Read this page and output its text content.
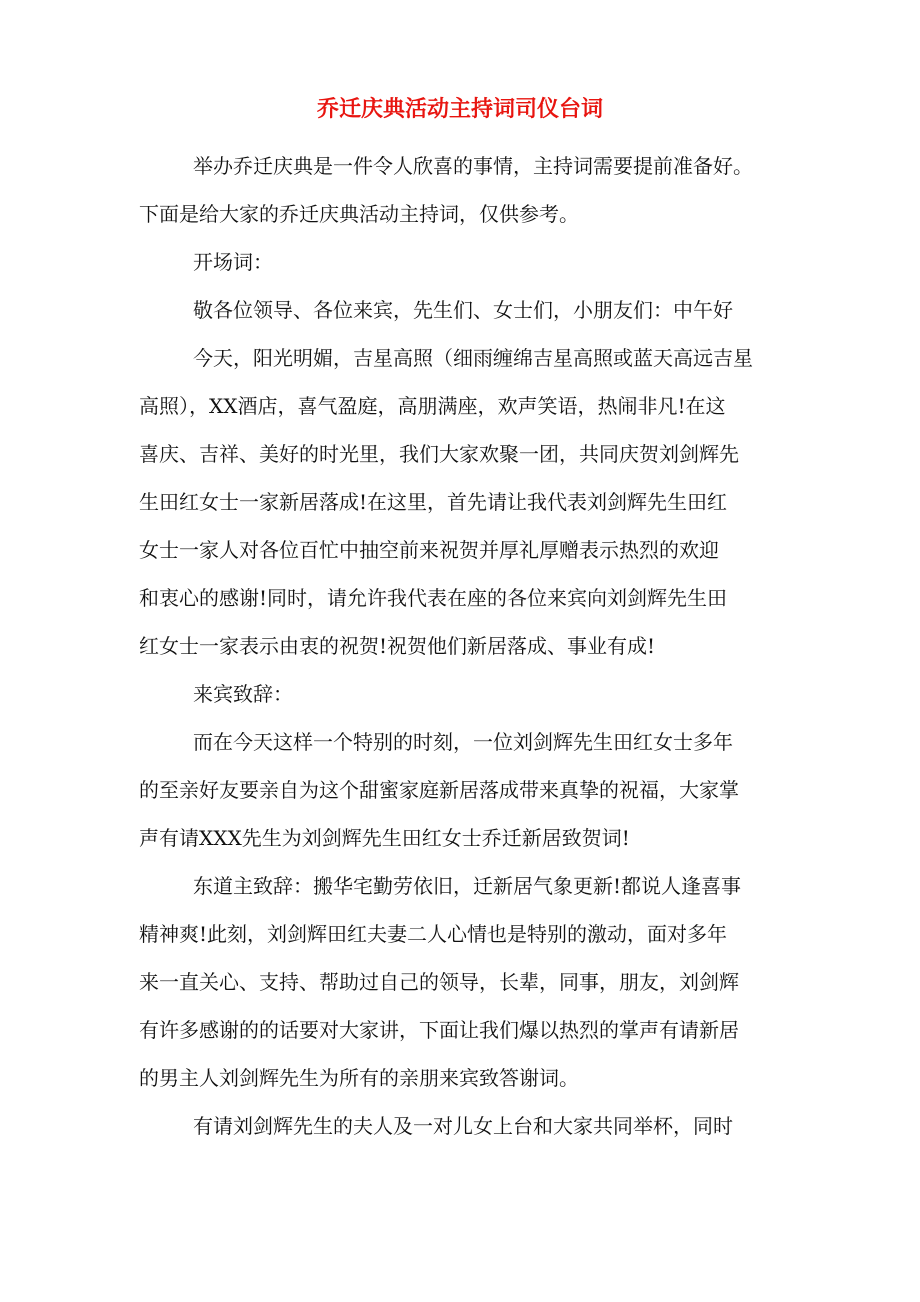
乔迁庆典活动主持词司仪台词
举办乔迁庆典是一件令人欣喜的事情，主持词需要提前准备好。
下面是给大家的乔迁庆典活动主持词，仅供参考。
开场词：
敬各位领导、各位来宾，先生们、女士们，小朋友们：中午好
今天，阳光明媚，吉星高照（细雨缠绵吉星高照或蓝天高远吉星
高照），XX酒店，喜气盈庭，高朋满座，欢声笑语，热闹非凡!在这
喜庆、吉祥、美好的时光里，我们大家欢聚一团，共同庆贺刘剑辉先
生田红女士一家新居落成!在这里，首先请让我代表刘剑辉先生田红
女士一家人对各位百忙中抽空前来祝贺并厚礼厚赠表示热烈的欢迎
和衷心的感谢!同时，请允许我代表在座的各位来宾向刘剑辉先生田
红女士一家表示由衷的祝贺!祝贺他们新居落成、事业有成!
来宾致辞：
而在今天这样一个特别的时刻，一位刘剑辉先生田红女士多年
的至亲好友要亲自为这个甜蜜家庭新居落成带来真挚的祝福，大家掌
声有请XXX先生为刘剑辉先生田红女士乔迁新居致贺词!
东道主致辞：搬华宅勤劳依旧，迁新居气象更新!都说人逢喜事
精神爽!此刻，刘剑辉田红夫妻二人心情也是特别的激动，面对多年
来一直关心、支持、帮助过自己的领导，长辈，同事，朋友，刘剑辉
有许多感谢的的话要对大家讲，下面让我们爆以热烈的掌声有请新居
的男主人刘剑辉先生为所有的亲朋来宾致答谢词。
有请刘剑辉先生的夫人及一对儿女上台和大家共同举杯，同时
